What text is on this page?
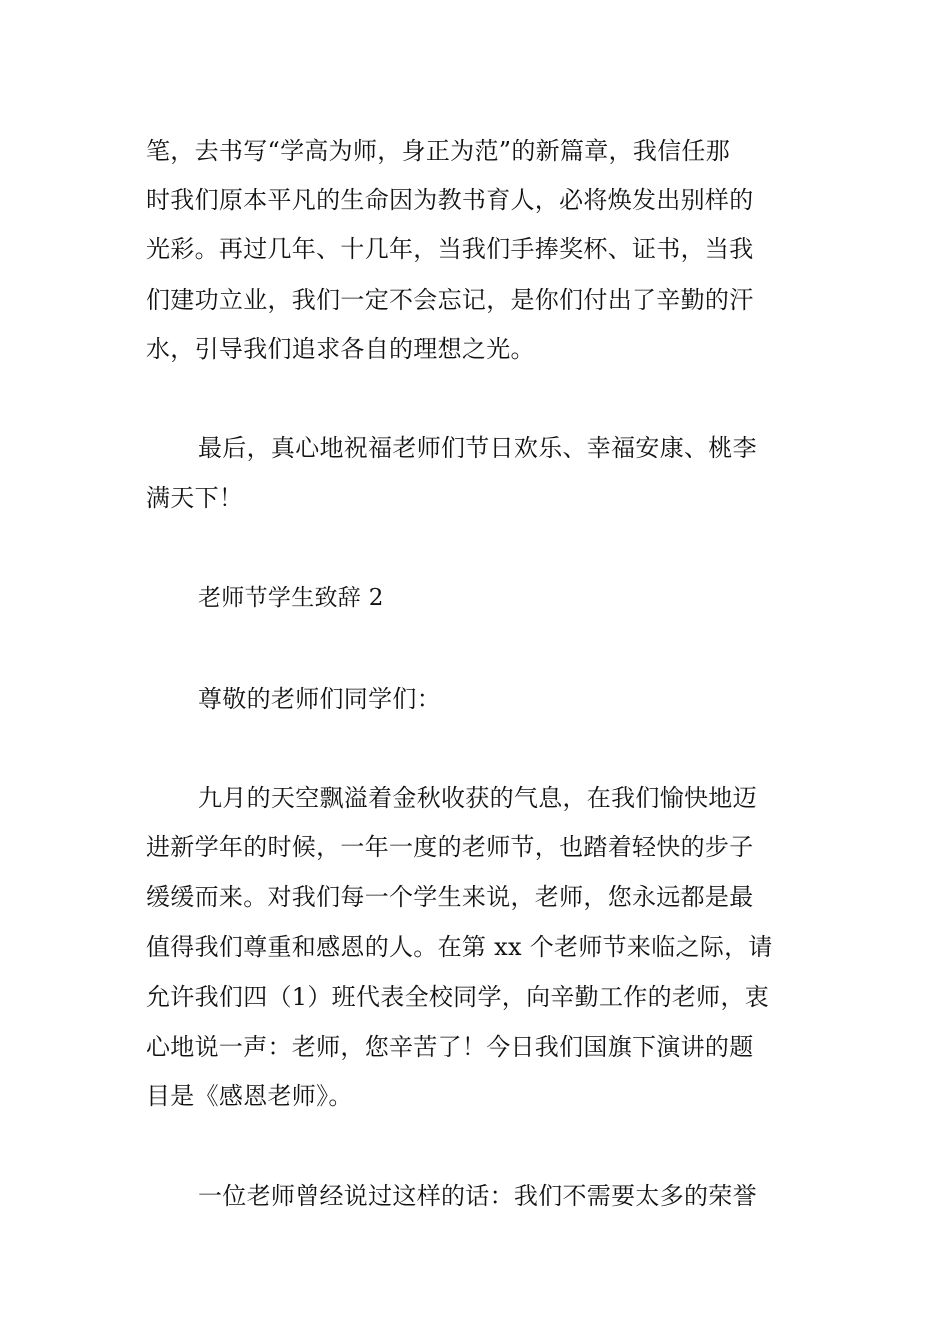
笔，去书写“学高为师，身正为范”的新篇章，我信任那
时我们原本平凡的生命因为教书育人，必将焕发出别样的
光彩。再过几年、十几年，当我们手捧奖杯、证书，当我
们建功立业，我们一定不会忘记，是你们付出了辛勤的汗
水，引导我们追求各自的理想之光。
最后，真心地祝福老师们节日欢乐、幸福安康、桃李
满天下！
老师节学生致辞 2
尊敬的老师们同学们：
九月的天空飘溢着金秋收获的气息，在我们愉快地迈
进新学年的时候，一年一度的老师节，也踏着轻快的步子
缓缓而来。对我们每一个学生来说，老师，您永远都是最
值得我们尊重和感恩的人。在第 xx 个老师节来临之际，请
允许我们四（1）班代表全校同学，向辛勤工作的老师，衷
心地说一声：老师，您辛苦了！今日我们国旗下演讲的题
目是《感恩老师》。
一位老师曾经说过这样的话：我们不需要太多的荣誉
